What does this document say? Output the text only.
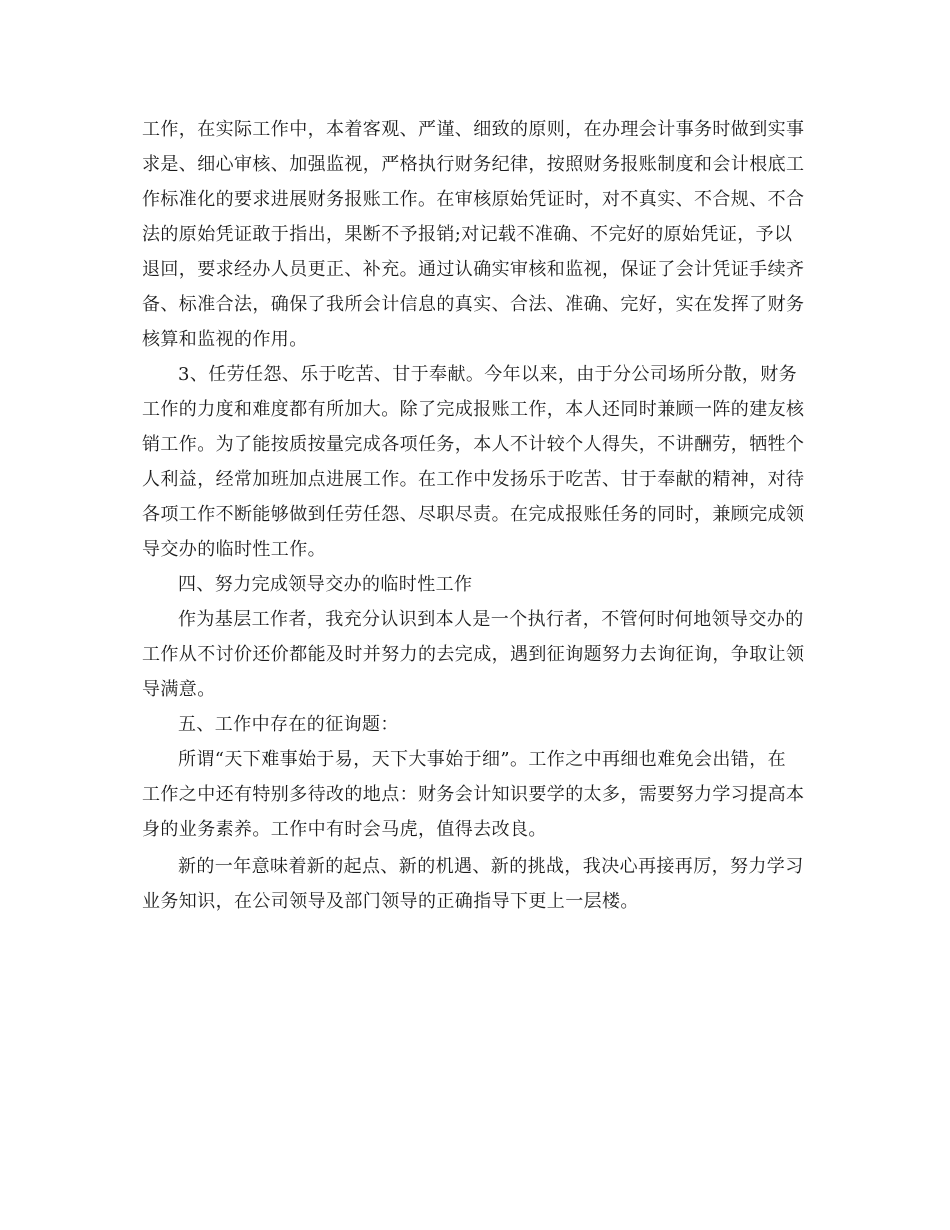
工作，在实际工作中，本着客观、严谨、细致的原则，在办理会计事务时做到实事
求是、细心审核、加强监视，严格执行财务纪律，按照财务报账制度和会计根底工
作标准化的要求进展财务报账工作。在审核原始凭证时，对不真实、不合规、不合
法的原始凭证敢于指出，果断不予报销;对记载不准确、不完好的原始凭证，予以
退回，要求经办人员更正、补充。通过认确实审核和监视，保证了会计凭证手续齐
备、标准合法，确保了我所会计信息的真实、合法、准确、完好，实在发挥了财务
核算和监视的作用。
3、任劳任怨、乐于吃苦、甘于奉献。今年以来，由于分公司场所分散，财务
工作的力度和难度都有所加大。除了完成报账工作，本人还同时兼顾一阵的建友核
销工作。为了能按质按量完成各项任务，本人不计较个人得失，不讲酬劳，牺牲个
人利益，经常加班加点进展工作。在工作中发扬乐于吃苦、甘于奉献的精神，对待
各项工作不断能够做到任劳任怨、尽职尽责。在完成报账任务的同时，兼顾完成领
导交办的临时性工作。
四、努力完成领导交办的临时性工作
作为基层工作者，我充分认识到本人是一个执行者，不管何时何地领导交办的
工作从不讨价还价都能及时并努力的去完成，遇到征询题努力去询征询，争取让领
导满意。
五、工作中存在的征询题：
所谓“天下难事始于易，天下大事始于细”。工作之中再细也难免会出错，在
工作之中还有特别多待改的地点：财务会计知识要学的太多，需要努力学习提高本
身的业务素养。工作中有时会马虎，值得去改良。
新的一年意味着新的起点、新的机遇、新的挑战，我决心再接再厉，努力学习
业务知识，在公司领导及部门领导的正确指导下更上一层楼。
